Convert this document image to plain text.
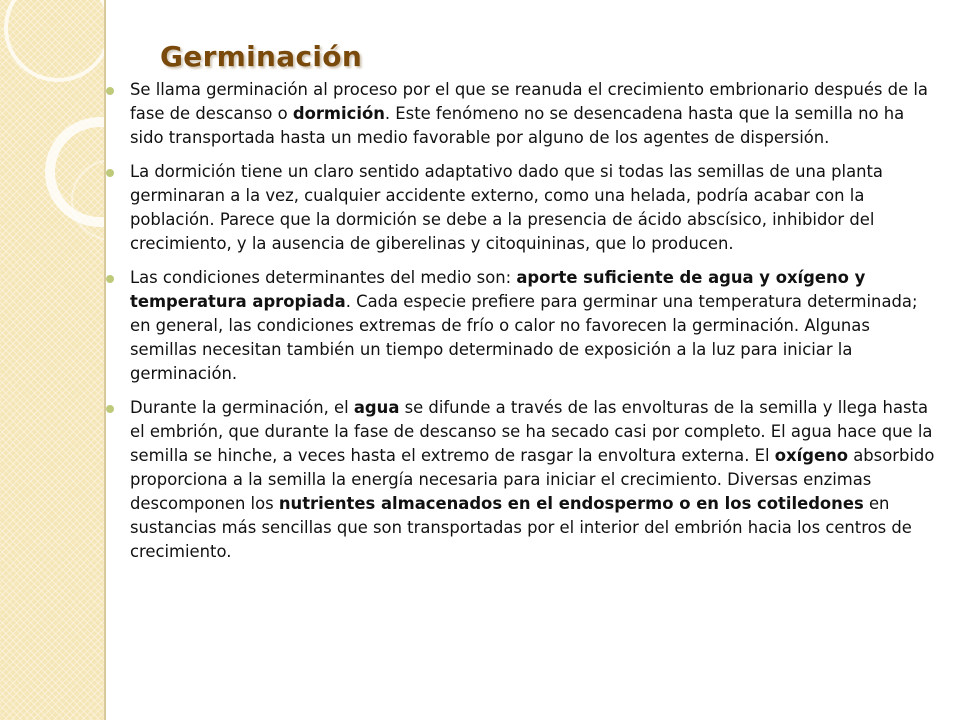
Germinación
Se llama germinación al proceso por el que se reanuda el crecimiento embrionario después de la fase de descanso o dormición. Este fenómeno no se desencadena hasta que la semilla no ha sido transportada hasta un medio favorable por alguno de los agentes de dispersión.
La dormición tiene un claro sentido adaptativo dado que si todas las semillas de una planta germinaran a la vez, cualquier accidente externo, como una helada, podría acabar con la población. Parece que la dormición se debe a la presencia de ácido abscísico, inhibidor del crecimiento, y la ausencia de giberelinas y citoquininas, que lo producen.
Las condiciones determinantes del medio son: aporte suficiente de agua y oxígeno y temperatura apropiada. Cada especie prefiere para germinar una temperatura determinada; en general, las condiciones extremas de frío o calor no favorecen la germinación. Algunas semillas necesitan también un tiempo determinado de exposición a la luz para iniciar la germinación.
Durante la germinación, el agua se difunde a través de las envolturas de la semilla y llega hasta el embrión, que durante la fase de descanso se ha secado casi por completo. El agua hace que la semilla se hinche, a veces hasta el extremo de rasgar la envoltura externa. El oxígeno absorbido proporciona a la semilla la energía necesaria para iniciar el crecimiento. Diversas enzimas descomponen los nutrientes almacenados en el endospermo o en los cotiledones en sustancias más sencillas que son transportadas por el interior del embrión hacia los centros de crecimiento.
